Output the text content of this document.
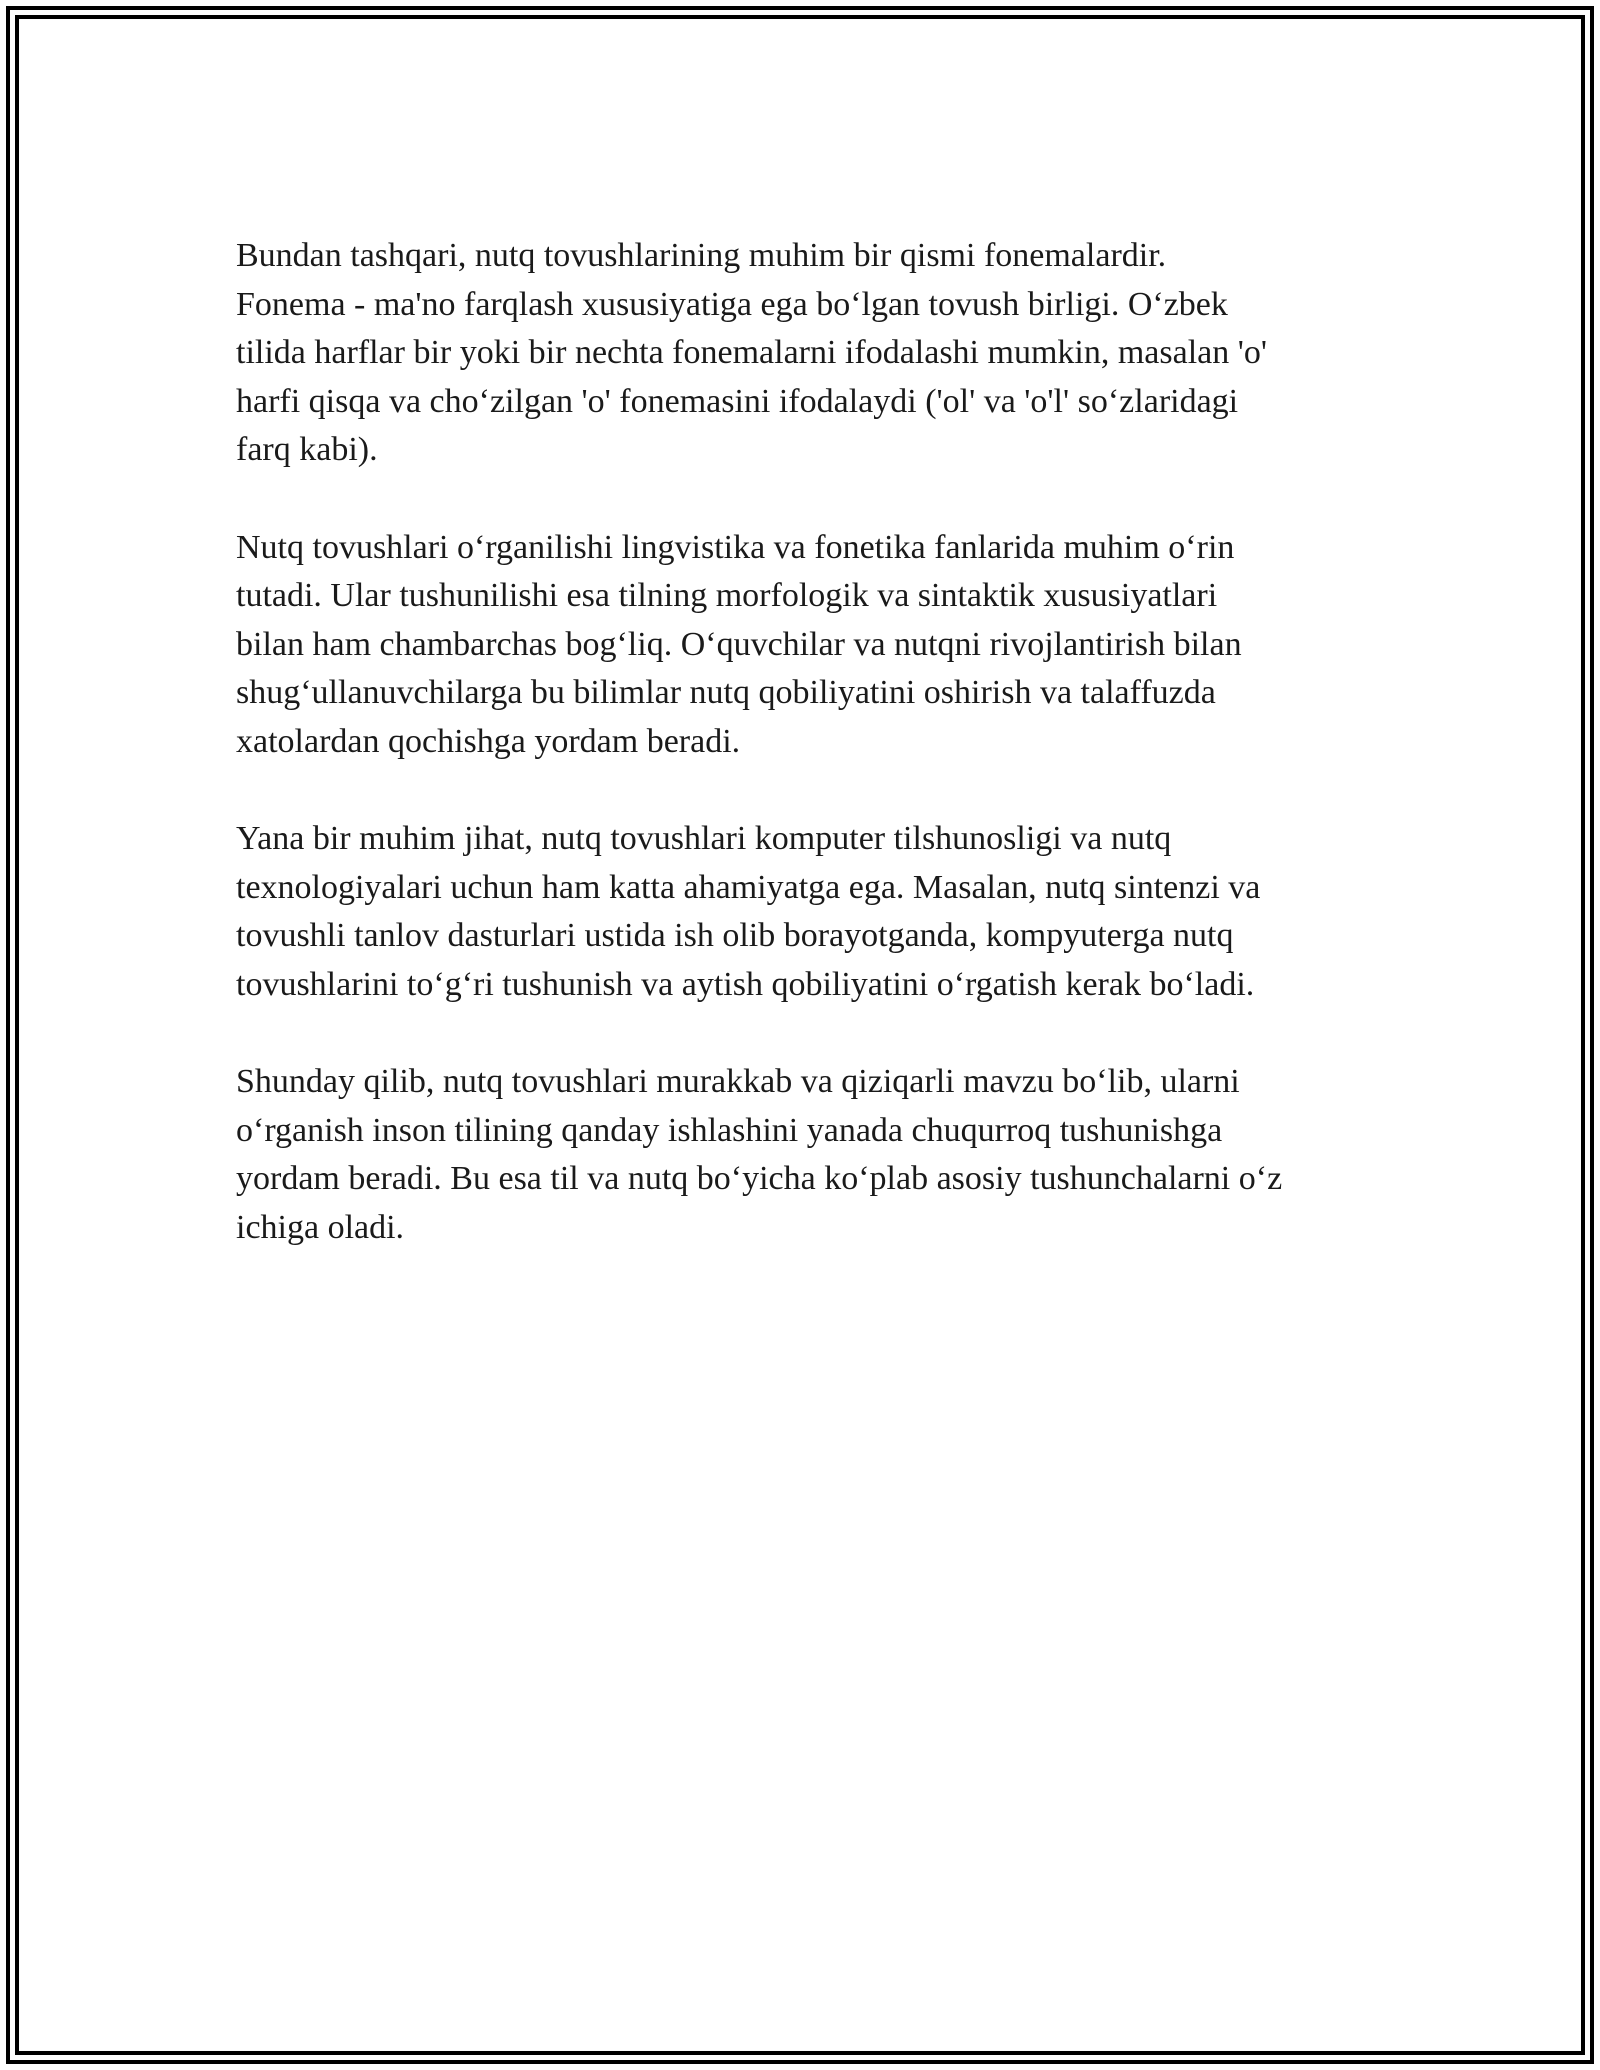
Bundan tashqari, nutq tovushlarining muhim bir qismi fonemalardir.
Fonema - ma'no farqlash xususiyatiga ega bo‘lgan tovush birligi. O‘zbek
tilida harflar bir yoki bir nechta fonemalarni ifodalashi mumkin, masalan 'o'
harfi qisqa va cho‘zilgan 'o' fonemasini ifodalaydi ('ol' va 'o'l' so‘zlaridagi
farq kabi).

Nutq tovushlari o‘rganilishi lingvistika va fonetika fanlarida muhim o‘rin
tutadi. Ular tushunilishi esa tilning morfologik va sintaktik xususiyatlari
bilan ham chambarchas bog‘liq. O‘quvchilar va nutqni rivojlantirish bilan
shug‘ullanuvchilarga bu bilimlar nutq qobiliyatini oshirish va talaffuzda
xatolardan qochishga yordam beradi.

Yana bir muhim jihat, nutq tovushlari komputer tilshunosligi va nutq
texnologiyalari uchun ham katta ahamiyatga ega. Masalan, nutq sintenzi va
tovushli tanlov dasturlari ustida ish olib borayotganda, kompyuterga nutq
tovushlarini to‘g‘ri tushunish va aytish qobiliyatini o‘rgatish kerak bo‘ladi.

Shunday qilib, nutq tovushlari murakkab va qiziqarli mavzu bo‘lib, ularni
o‘rganish inson tilining qanday ishlashini yanada chuqurroq tushunishga
yordam beradi. Bu esa til va nutq bo‘yicha ko‘plab asosiy tushunchalarni o‘z
ichiga oladi.
